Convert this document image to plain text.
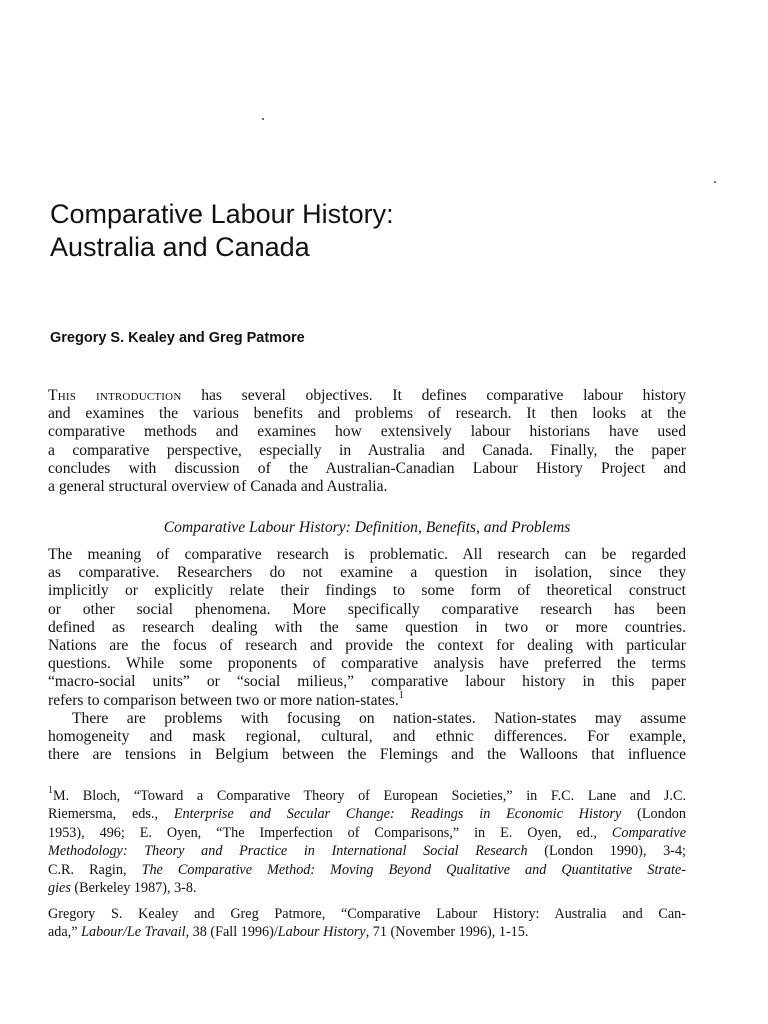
Comparative Labour History:
Australia and Canada
Gregory S. Kealey and Greg Patmore
This introduction has several objectives. It defines comparative labour history
and examines the various benefits and problems of research. It then looks at the
comparative methods and examines how extensively labour historians have used
a comparative perspective, especially in Australia and Canada. Finally, the paper
concludes with discussion of the Australian-Canadian Labour History Project and
a general structural overview of Canada and Australia.
Comparative Labour History: Definition, Benefits, and Problems
The meaning of comparative research is problematic. All research can be regarded
as comparative. Researchers do not examine a question in isolation, since they
implicitly or explicitly relate their findings to some form of theoretical construct
or other social phenomena. More specifically comparative research has been
defined as research dealing with the same question in two or more countries.
Nations are the focus of research and provide the context for dealing with particular
questions. While some proponents of comparative analysis have preferred the terms
“macro-social units” or “social milieus,” comparative labour history in this paper
refers to comparison between two or more nation-states.$^1$
There are problems with focusing on nation-states. Nation-states may assume
homogeneity and mask regional, cultural, and ethnic differences. For example,
there are tensions in Belgium between the Flemings and the Walloons that influence
$^1$M. Bloch, “Toward a Comparative Theory of European Societies,” in F.C. Lane and J.C.
Riemersma, eds., Enterprise and Secular Change: Readings in Economic History (London
1953), 496; E. Oyen, “The Imperfection of Comparisons,” in E. Oyen, ed., Comparative
Methodology: Theory and Practice in International Social Research (London 1990), 3-4;
C.R. Ragin, The Comparative Method: Moving Beyond Qualitative and Quantitative Strate-
gies (Berkeley 1987), 3-8.
Gregory S. Kealey and Greg Patmore, “Comparative Labour History: Australia and Can-
ada,” Labour/Le Travail, 38 (Fall 1996)/Labour History, 71 (November 1996), 1-15.
